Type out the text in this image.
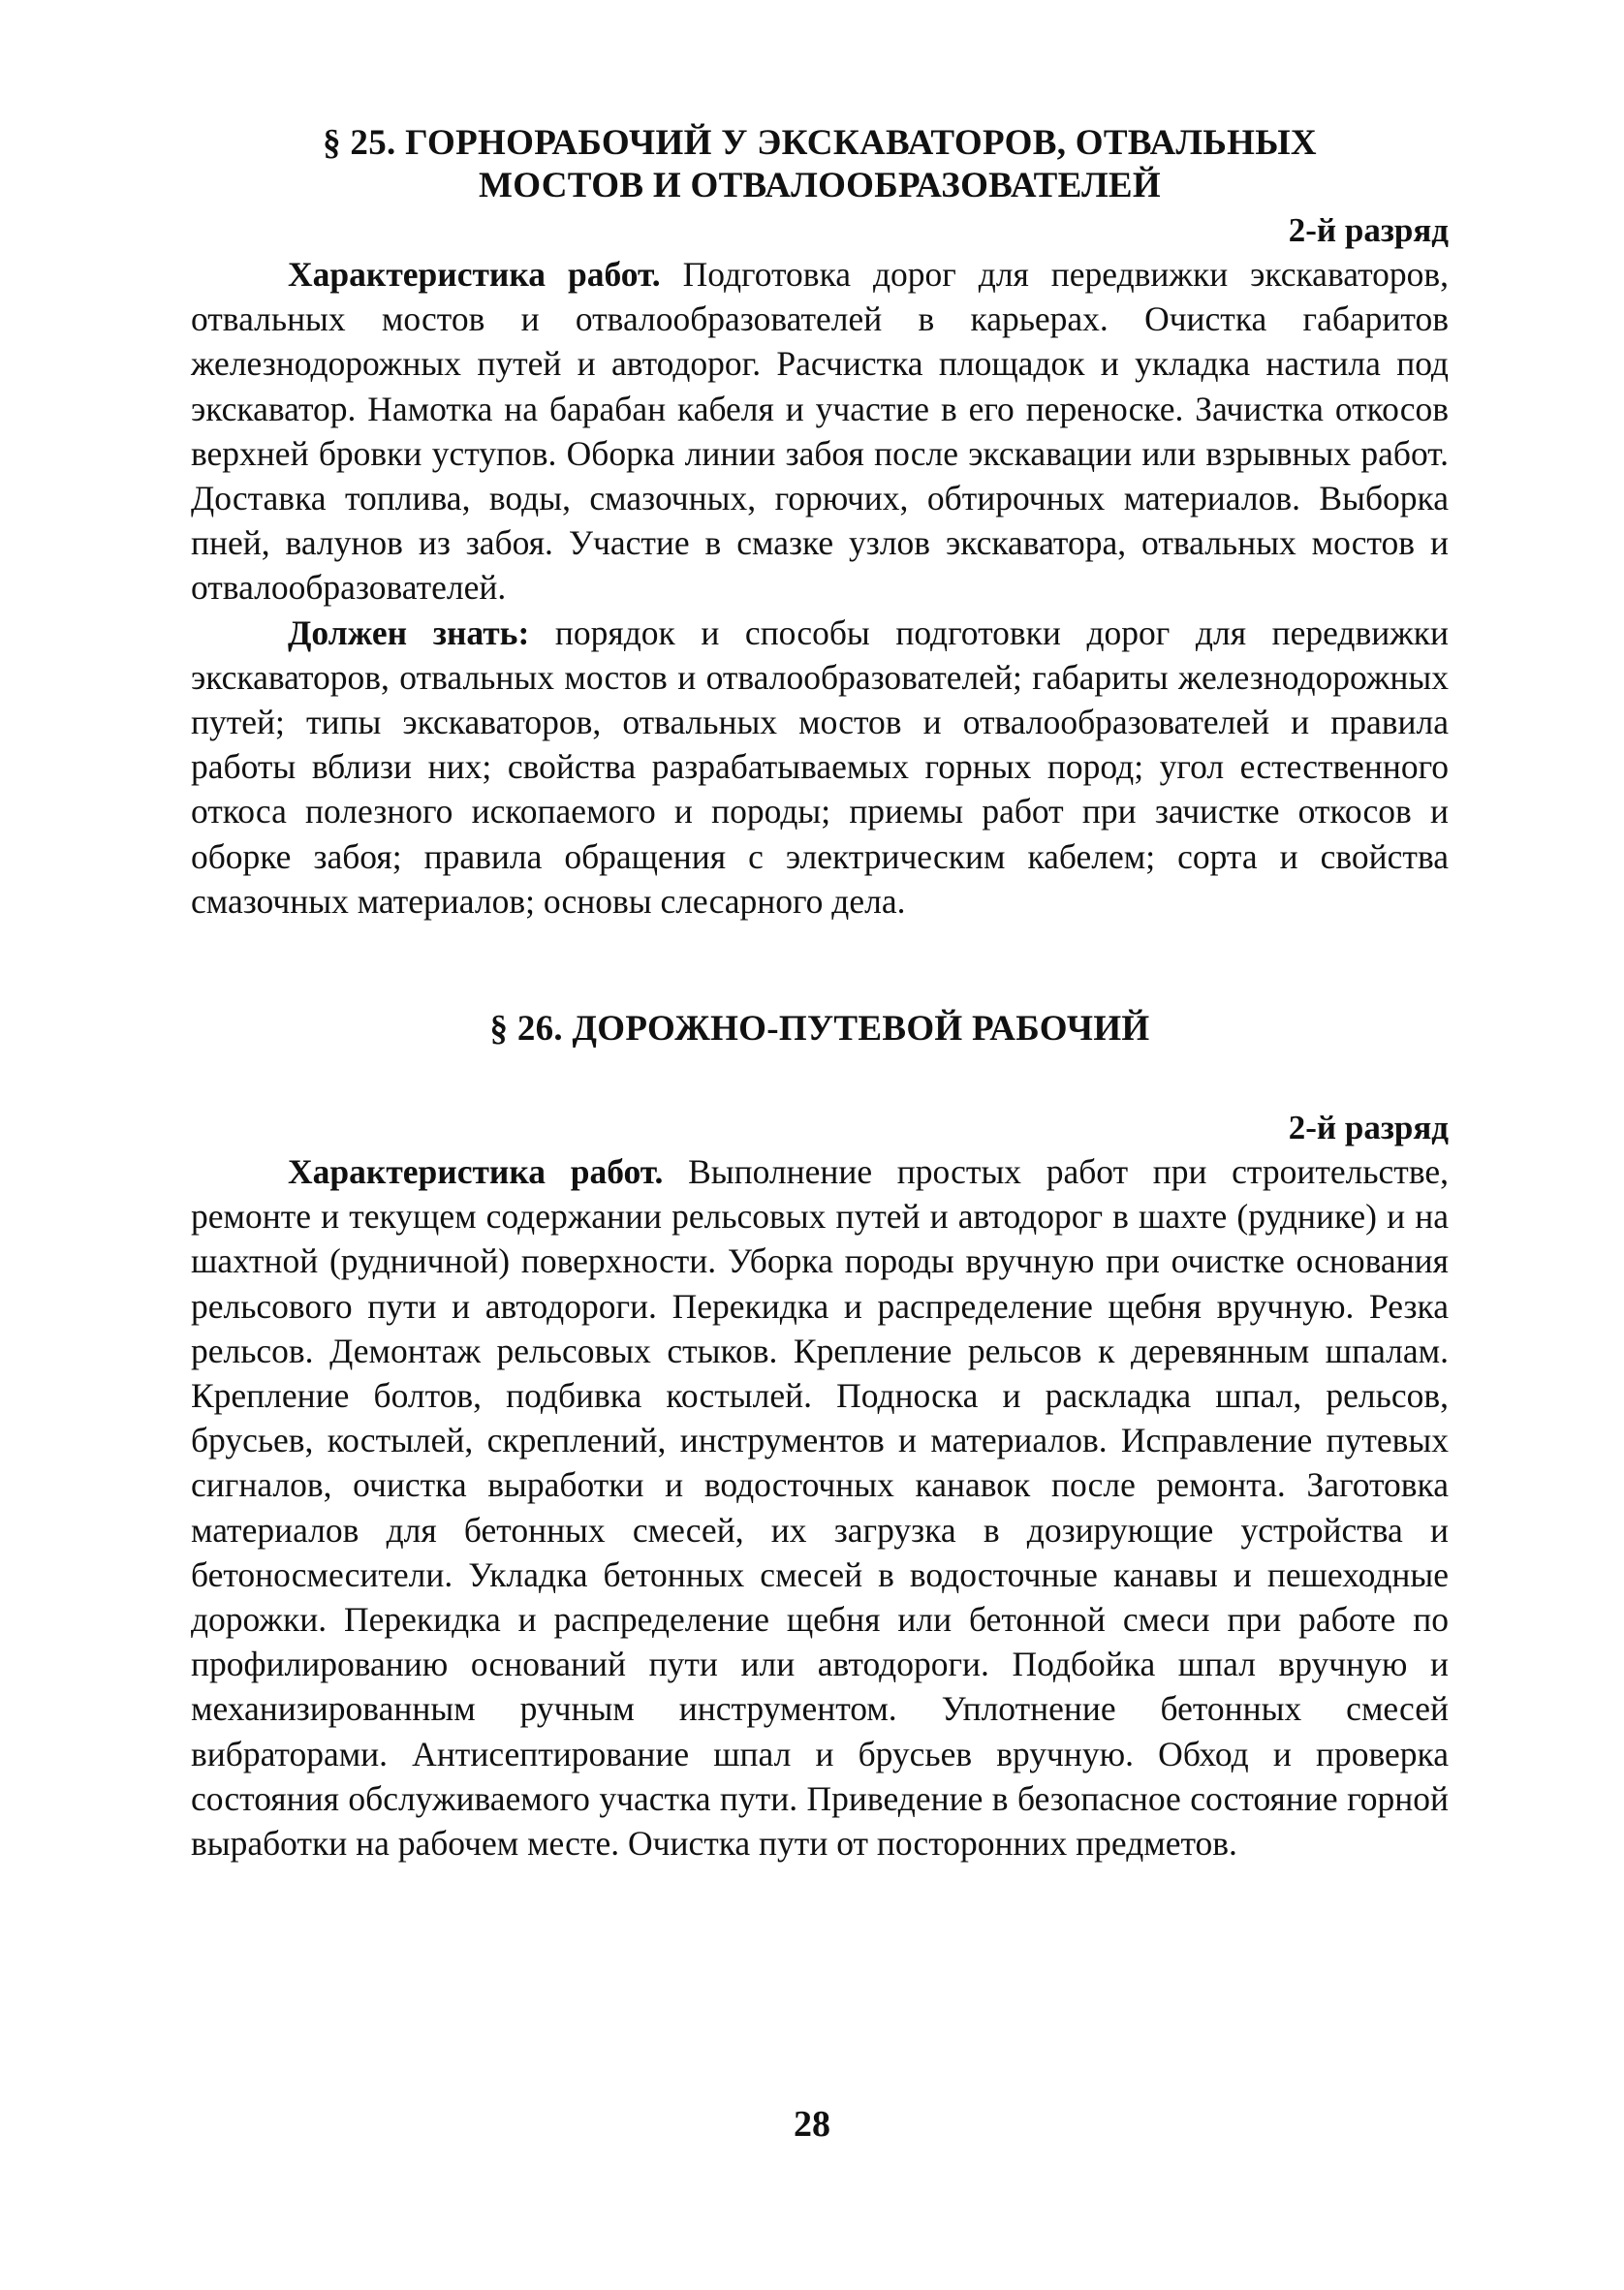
§ 25. ГОРНОРАБОЧИЙ У ЭКСКАВАТОРОВ, ОТВАЛЬНЫХ
МОСТОВ И ОТВАЛООБРАЗОВАТЕЛЕЙ

2-й разряд

Характеристика работ. Подготовка дорог для передвижки экскаваторов, отвальных мостов и отвалообразователей в карьерах. Очистка габаритов железнодорожных путей и автодорог. Расчистка площадок и укладка настила под экскаватор. Намотка на барабан кабеля и участие в его переноске. Зачистка откосов верхней бровки уступов. Оборка линии забоя после экскавации или взрывных работ. Доставка топлива, воды, смазочных, горючих, обтирочных материалов. Выборка пней, валунов из забоя. Участие в смазке узлов экскаватора, отвальных мостов и отвалообразователей.

Должен знать: порядок и способы подготовки дорог для передвижки экскаваторов, отвальных мостов и отвалообразователей; габариты железнодорожных путей; типы экскаваторов, отвальных мостов и отвалообразователей и правила работы вблизи них; свойства разрабатываемых горных пород; угол естественного откоса полезного ископаемого и породы; приемы работ при зачистке откосов и оборке забоя; правила обращения с электрическим кабелем; сорта и свойства смазочных материалов; основы слесарного дела.

§ 26. ДОРОЖНО-ПУТЕВОЙ РАБОЧИЙ

2-й разряд

Характеристика работ. Выполнение простых работ при строительстве, ремонте и текущем содержании рельсовых путей и автодорог в шахте (руднике) и на шахтной (рудничной) поверхности. Уборка породы вручную при очистке основания рельсового пути и автодороги. Перекидка и распределение щебня вручную. Резка рельсов. Демонтаж рельсовых стыков. Крепление рельсов к деревянным шпалам. Крепление болтов, подбивка костылей. Подноска и раскладка шпал, рельсов, брусьев, костылей, скреплений, инструментов и материалов. Исправление путевых сигналов, очистка выработки и водосточных канавок после ремонта. Заготовка материалов для бетонных смесей, их загрузка в дозирующие устройства и бетоносмесители. Укладка бетонных смесей в водосточные канавы и пешеходные дорожки. Перекидка и распределение щебня или бетонной смеси при работе по профилированию оснований пути или автодороги. Подбойка шпал вручную и механизированным ручным инструментом. Уплотнение бетонных смесей вибраторами. Антисептирование шпал и брусьев вручную. Обход и проверка состояния обслуживаемого участка пути. Приведение в безопасное состояние горной выработки на рабочем месте. Очистка пути от посторонних предметов.

28
